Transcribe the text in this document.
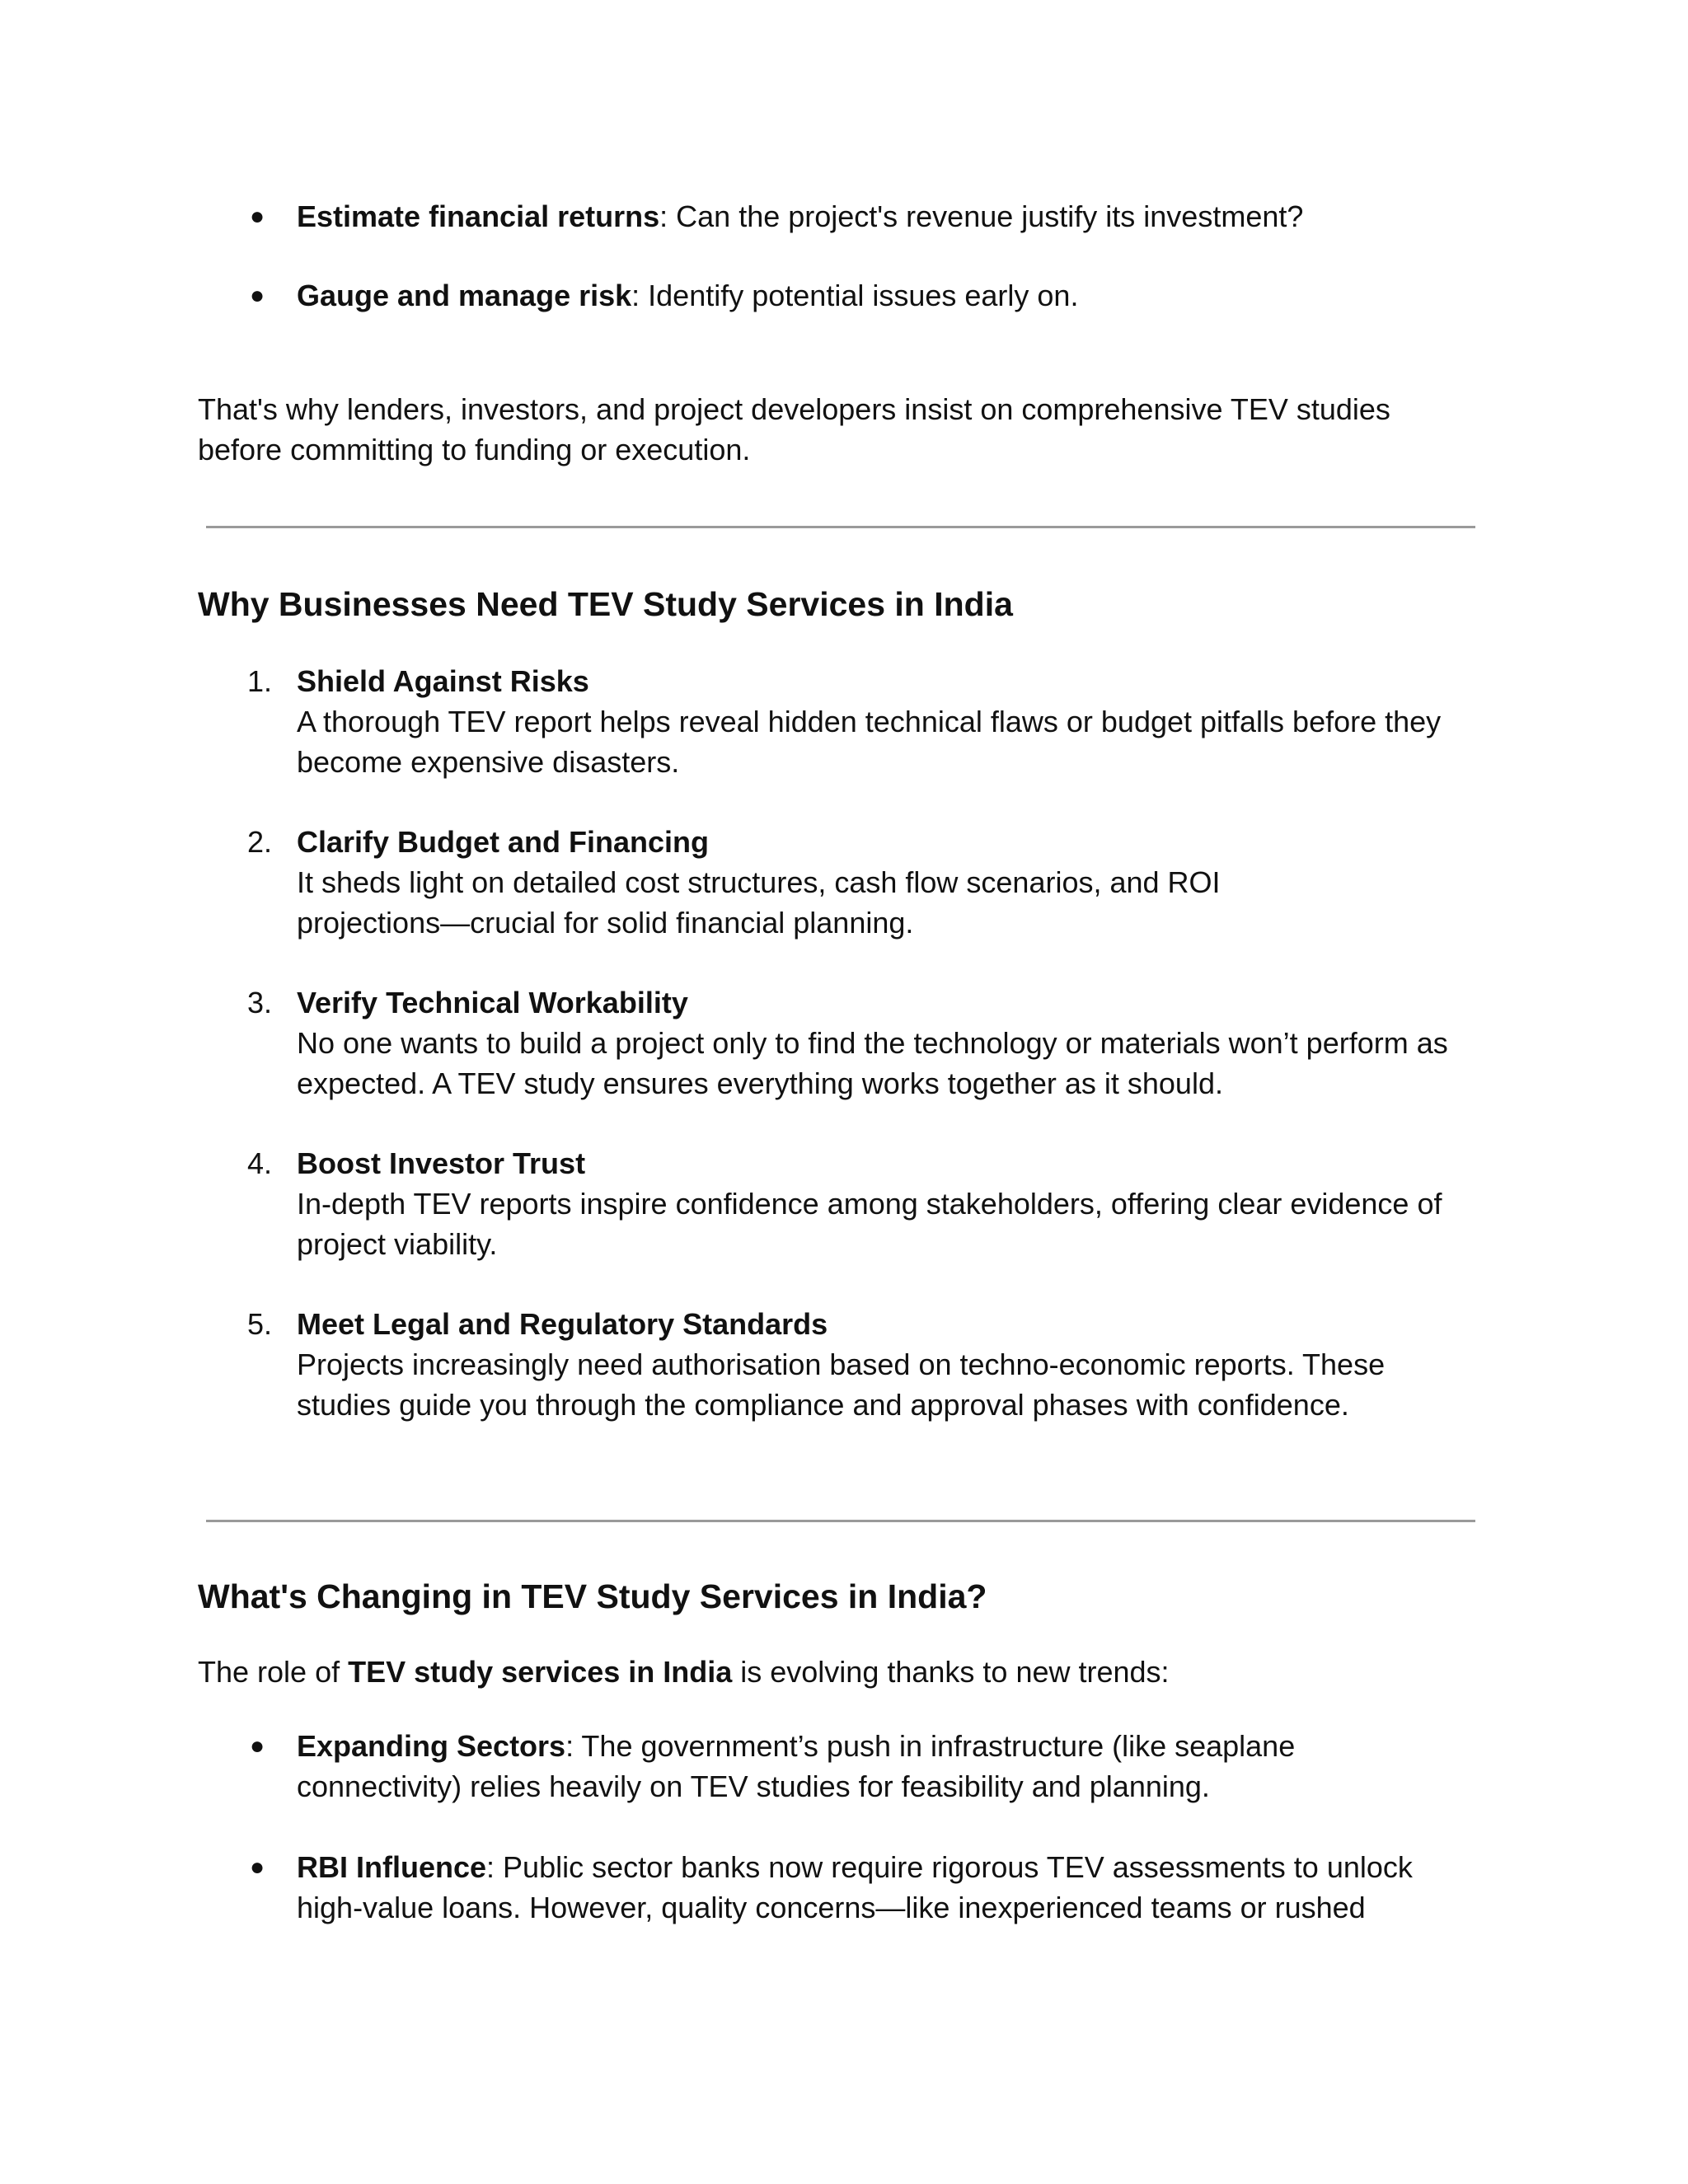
●	Estimate financial returns: Can the project's revenue justify its investment?
●	Gauge and manage risk: Identify potential issues early on.
That's why lenders, investors, and project developers insist on comprehensive TEV studies
before committing to funding or execution.
Why Businesses Need TEV Study Services in India
1. Shield Against Risks
A thorough TEV report helps reveal hidden technical flaws or budget pitfalls before they
become expensive disasters.
2. Clarify Budget and Financing
It sheds light on detailed cost structures, cash flow scenarios, and ROI
projections—crucial for solid financial planning.
3. Verify Technical Workability
No one wants to build a project only to find the technology or materials won’t perform as
expected. A TEV study ensures everything works together as it should.
4. Boost Investor Trust
In-depth TEV reports inspire confidence among stakeholders, offering clear evidence of
project viability.
5. Meet Legal and Regulatory Standards
Projects increasingly need authorisation based on techno-economic reports. These
studies guide you through the compliance and approval phases with confidence.
What's Changing in TEV Study Services in India?
The role of TEV study services in India is evolving thanks to new trends:
●	Expanding Sectors: The government’s push in infrastructure (like seaplane
connectivity) relies heavily on TEV studies for feasibility and planning.
●	RBI Influence: Public sector banks now require rigorous TEV assessments to unlock
high-value loans. However, quality concerns—like inexperienced teams or rushed
